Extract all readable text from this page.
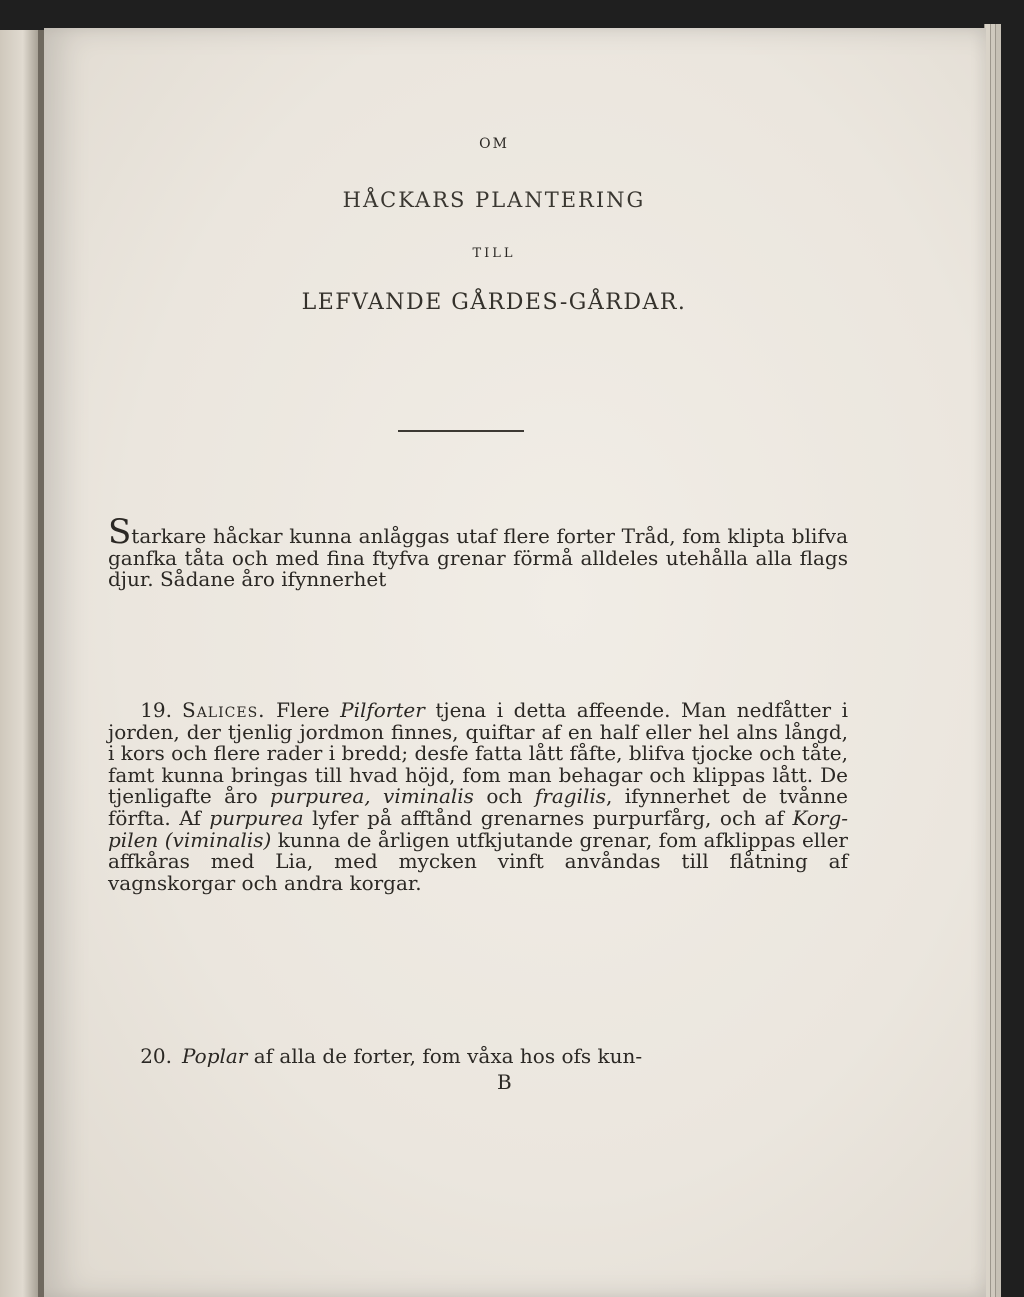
OM
HÅCKARS PLANTERING
TILL
LEFVANDE GÅRDES-GÅRDAR.

Starkare håckar kunna anlåggas utaf flere forter Tråd, fom klipta blifva ganfka tåta och med fina ftyfva grenar förmå alldeles utehålla alla flags djur. Sådane åro ifynnerhet

19. Salices. Flere Pilforter tjena i detta affeende. Man nedfåtter i jorden, der tjenlig jordmon finnes, quiftar af en half eller hel alns långd, i kors och flere rader i bredd; desfe fatta lått fåfte, blifva tjocke och tåte, famt kunna bringas till hvad höjd, fom man behagar och klippas lått. De tjenligafte åro purpurea, viminalis och fragilis, ifynnerhet de tvånne förfta. Af purpurea lyfer på afftånd grenarnes purpurfårg, och af Korg-pilen (viminalis) kunna de årligen utfkjutande grenar, fom afklippas eller affkåras med Lia, med mycken vinft anvåndas till flåtning af vagnskorgar och andra korgar.

20. Poplar af alla de forter, fom våxa hos ofs kun-

B
